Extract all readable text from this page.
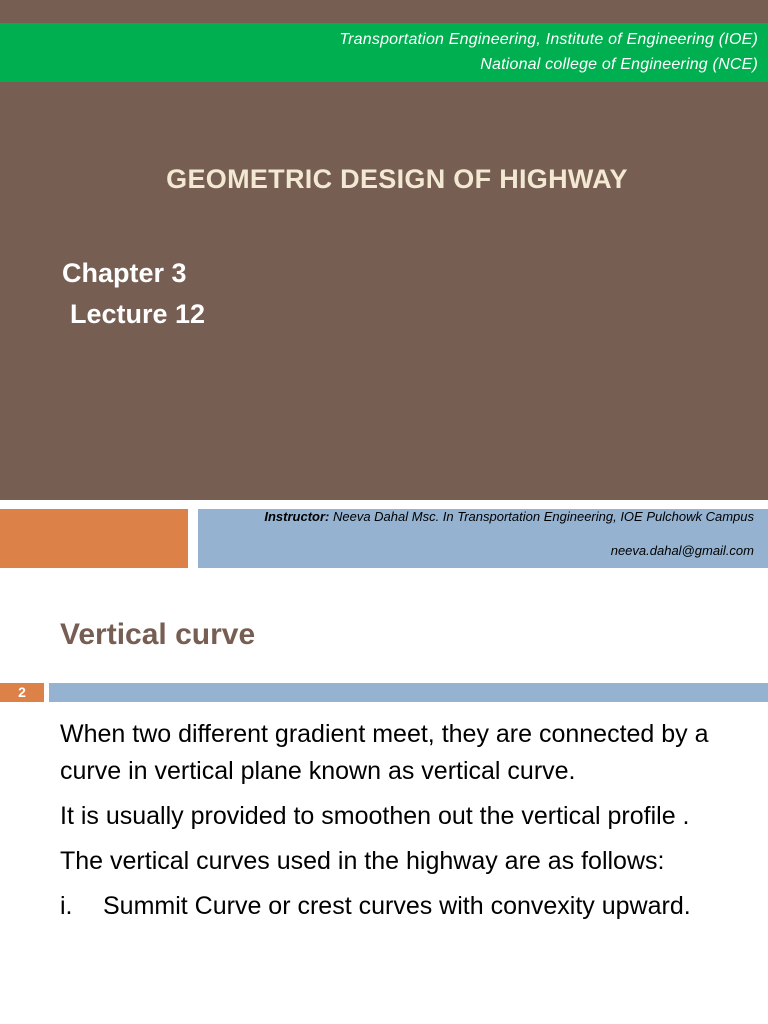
Transportation Engineering, Institute of Engineering (IOE)
National college of Engineering (NCE)
GEOMETRIC DESIGN OF HIGHWAY
Chapter 3
Lecture 12
Instructor: Neeva Dahal Msc. In Transportation Engineering, IOE Pulchowk Campus
neeva.dahal@gmail.com
Vertical curve
2

When two different gradient meet, they are connected by a curve in vertical plane known as vertical curve.

It is usually provided to smoothen out the vertical profile .

The vertical curves used in the highway are as follows:

i.	Summit Curve or crest curves with convexity upward.
